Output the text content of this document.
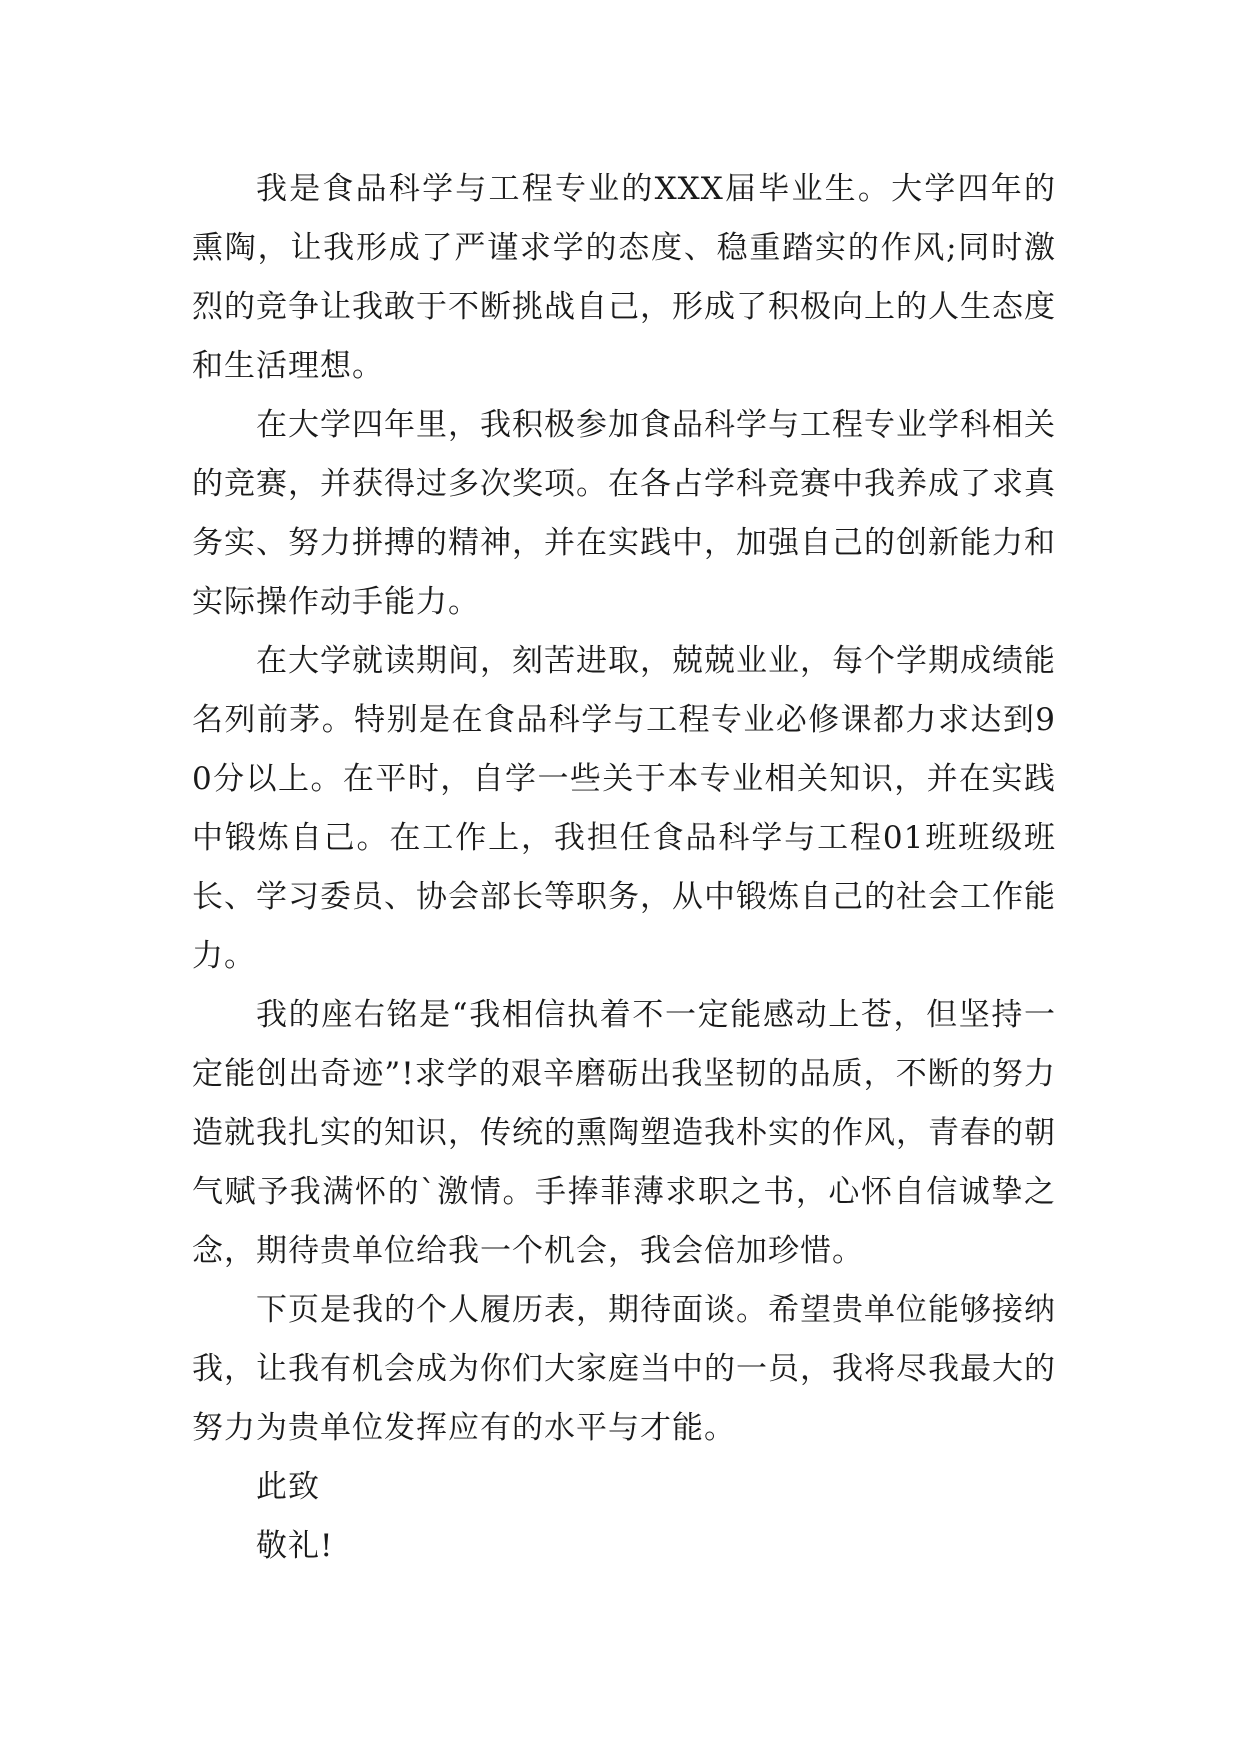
我是食品科学与工程专业的XXX届毕业生。大学四年的熏陶，让我形成了严谨求学的态度、稳重踏实的作风;同时激烈的竞争让我敢于不断挑战自己，形成了积极向上的人生态度和生活理想。

在大学四年里，我积极参加食品科学与工程专业学科相关的竞赛，并获得过多次奖项。在各占学科竞赛中我养成了求真务实、努力拼搏的精神，并在实践中，加强自己的创新能力和实际操作动手能力。

在大学就读期间，刻苦进取，兢兢业业，每个学期成绩能名列前茅。特别是在食品科学与工程专业必修课都力求达到90分以上。在平时，自学一些关于本专业相关知识，并在实践中锻炼自己。在工作上，我担任食品科学与工程01班班级班长、学习委员、协会部长等职务，从中锻炼自己的社会工作能力。

我的座右铭是“我相信执着不一定能感动上苍，但坚持一定能创出奇迹”!求学的艰辛磨砺出我坚韧的品质，不断的努力造就我扎实的知识，传统的熏陶塑造我朴实的作风，青春的朝气赋予我满怀的`激情。手捧菲薄求职之书，心怀自信诚挚之念，期待贵单位给我一个机会，我会倍加珍惜。

下页是我的个人履历表，期待面谈。希望贵单位能够接纳我，让我有机会成为你们大家庭当中的一员，我将尽我最大的努力为贵单位发挥应有的水平与才能。

此致

敬礼!
